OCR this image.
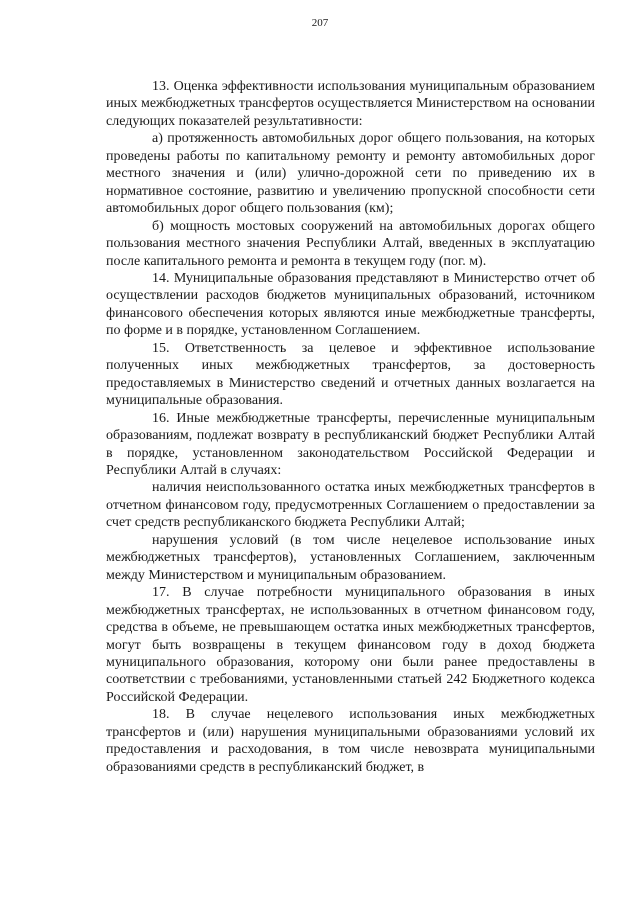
207

13. Оценка эффективности использования муниципальным образованием иных межбюджетных трансфертов осуществляется Министерством на основании следующих показателей результативности:

а) протяженность автомобильных дорог общего пользования, на которых проведены работы по капитальному ремонту и ремонту автомобильных дорог местного значения и (или) улично-дорожной сети по приведению их в нормативное состояние, развитию и увеличению пропускной способности сети автомобильных дорог общего пользования (км);

б) мощность мостовых сооружений на автомобильных дорогах общего пользования местного значения Республики Алтай, введенных в эксплуатацию после капитального ремонта и ремонта в текущем году (пог. м).

14. Муниципальные образования представляют в Министерство отчет об осуществлении расходов бюджетов муниципальных образований, источником финансового обеспечения которых являются иные межбюджетные трансферты, по форме и в порядке, установленном Соглашением.

15. Ответственность за целевое и эффективное использование полученных иных межбюджетных трансфертов, за достоверность предоставляемых в Министерство сведений и отчетных данных возлагается на муниципальные образования.

16. Иные межбюджетные трансферты, перечисленные муниципальным образованиям, подлежат возврату в республиканский бюджет Республики Алтай в порядке, установленном законодательством Российской Федерации и Республики Алтай в случаях:

наличия неиспользованного остатка иных межбюджетных трансфертов в отчетном финансовом году, предусмотренных Соглашением о предоставлении за счет средств республиканского бюджета Республики Алтай;

нарушения условий (в том числе нецелевое использование иных межбюджетных трансфертов), установленных Соглашением, заключенным между Министерством и муниципальным образованием.

17. В случае потребности муниципального образования в иных межбюджетных трансфертах, не использованных в отчетном финансовом году, средства в объеме, не превышающем остатка иных межбюджетных трансфертов, могут быть возвращены в текущем финансовом году в доход бюджета муниципального образования, которому они были ранее предоставлены в соответствии с требованиями, установленными статьей 242 Бюджетного кодекса Российской Федерации.

18. В случае нецелевого использования иных межбюджетных трансфертов и (или) нарушения муниципальными образованиями условий их предоставления и расходования, в том числе невозврата муниципальными образованиями средств в республиканский бюджет, в
